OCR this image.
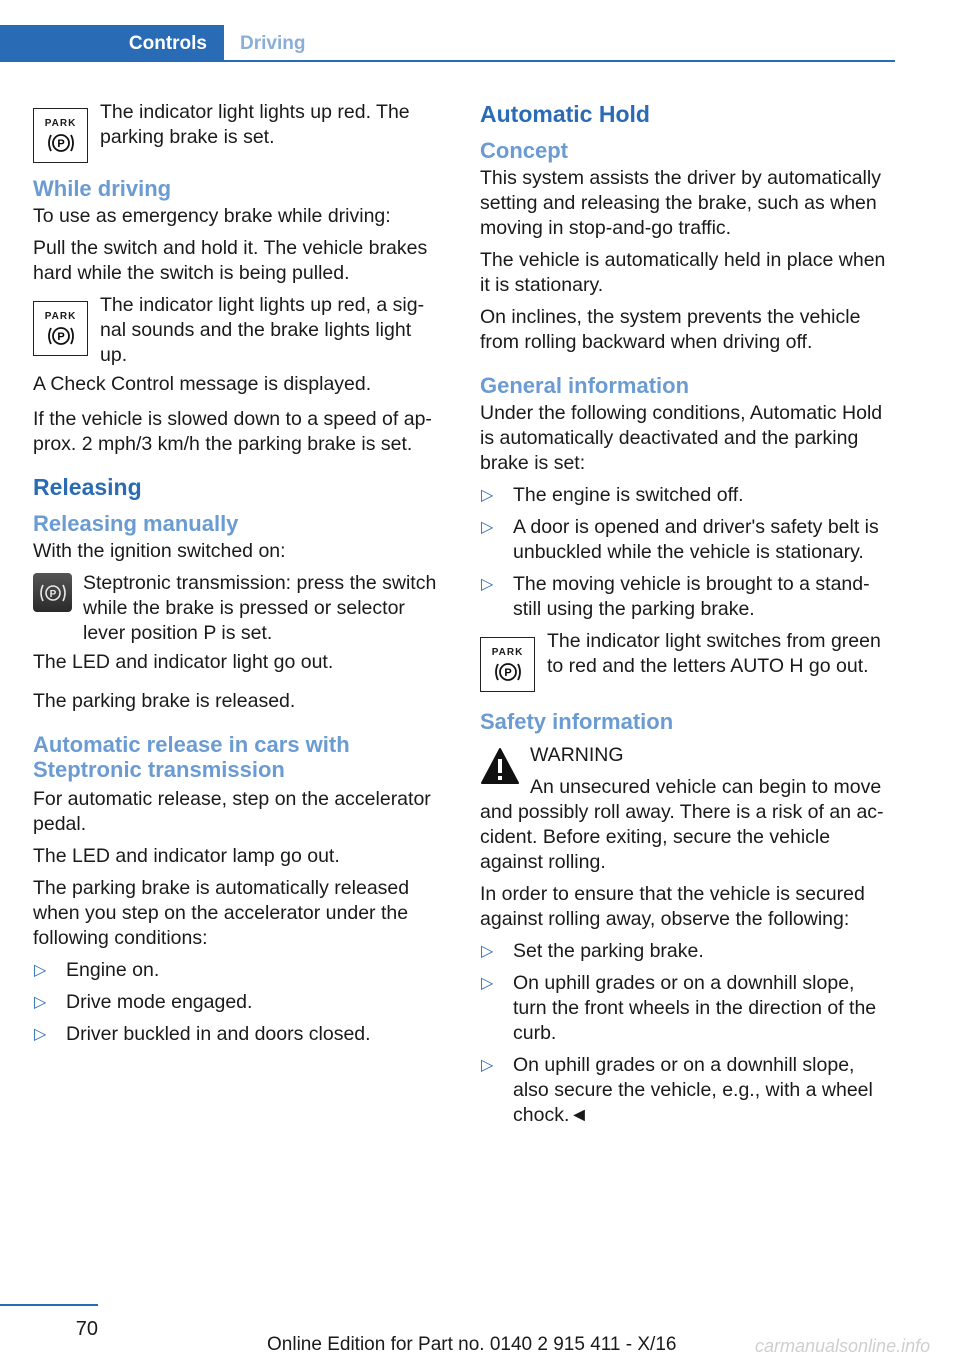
Controls	Driving
PARK
P
The indicator light lights up red. The parking brake is set.
While driving

To use as emergency brake while driving:

Pull the switch and hold it. The vehicle brakes hard while the switch is being pulled.

PARK
P
The indicator light lights up red, a signal sounds and the brake lights light up.

A Check Control message is displayed.

If the vehicle is slowed down to a speed of approx. 2 mph/3 km/h the parking brake is set.

Releasing
Releasing manually

With the ignition switched on:

P	Steptronic transmission: press the switch while the brake is pressed or selector lever position P is set.

The LED and indicator light go out.

The parking brake is released.

Automatic release in cars with Steptronic transmission

For automatic release, step on the accelerator pedal.

The LED and indicator lamp go out.

The parking brake is automatically released when you step on the accelerator under the following conditions:

▷ Engine on.
▷ Drive mode engaged.
▷ Driver buckled in and doors closed.
Automatic Hold
Concept

This system assists the driver by automatically setting and releasing the brake, such as when moving in stop-and-go traffic.

The vehicle is automatically held in place when it is stationary.

On inclines, the system prevents the vehicle from rolling backward when driving off.

General information

Under the following conditions, Automatic Hold is automatically deactivated and the parking brake is set:

▷ The engine is switched off.
▷ A door is opened and driver's safety belt is unbuckled while the vehicle is stationary.
▷ The moving vehicle is brought to a standstill using the parking brake.
PARK
P
The indicator light switches from green to red and the letters AUTO H go out.
Safety information
WARNING

An unsecured vehicle can begin to move and possibly roll away. There is a risk of an accident. Before exiting, secure the vehicle against rolling.

In order to ensure that the vehicle is secured against rolling away, observe the following:

▷ Set the parking brake.
▷ On uphill grades or on a downhill slope, turn the front wheels in the direction of the curb.
▷ On uphill grades or on a downhill slope, also secure the vehicle, e.g., with a wheel chock.◄
70
Online Edition for Part no. 0140 2 915 411 - X/16	carmanualsonline.info
